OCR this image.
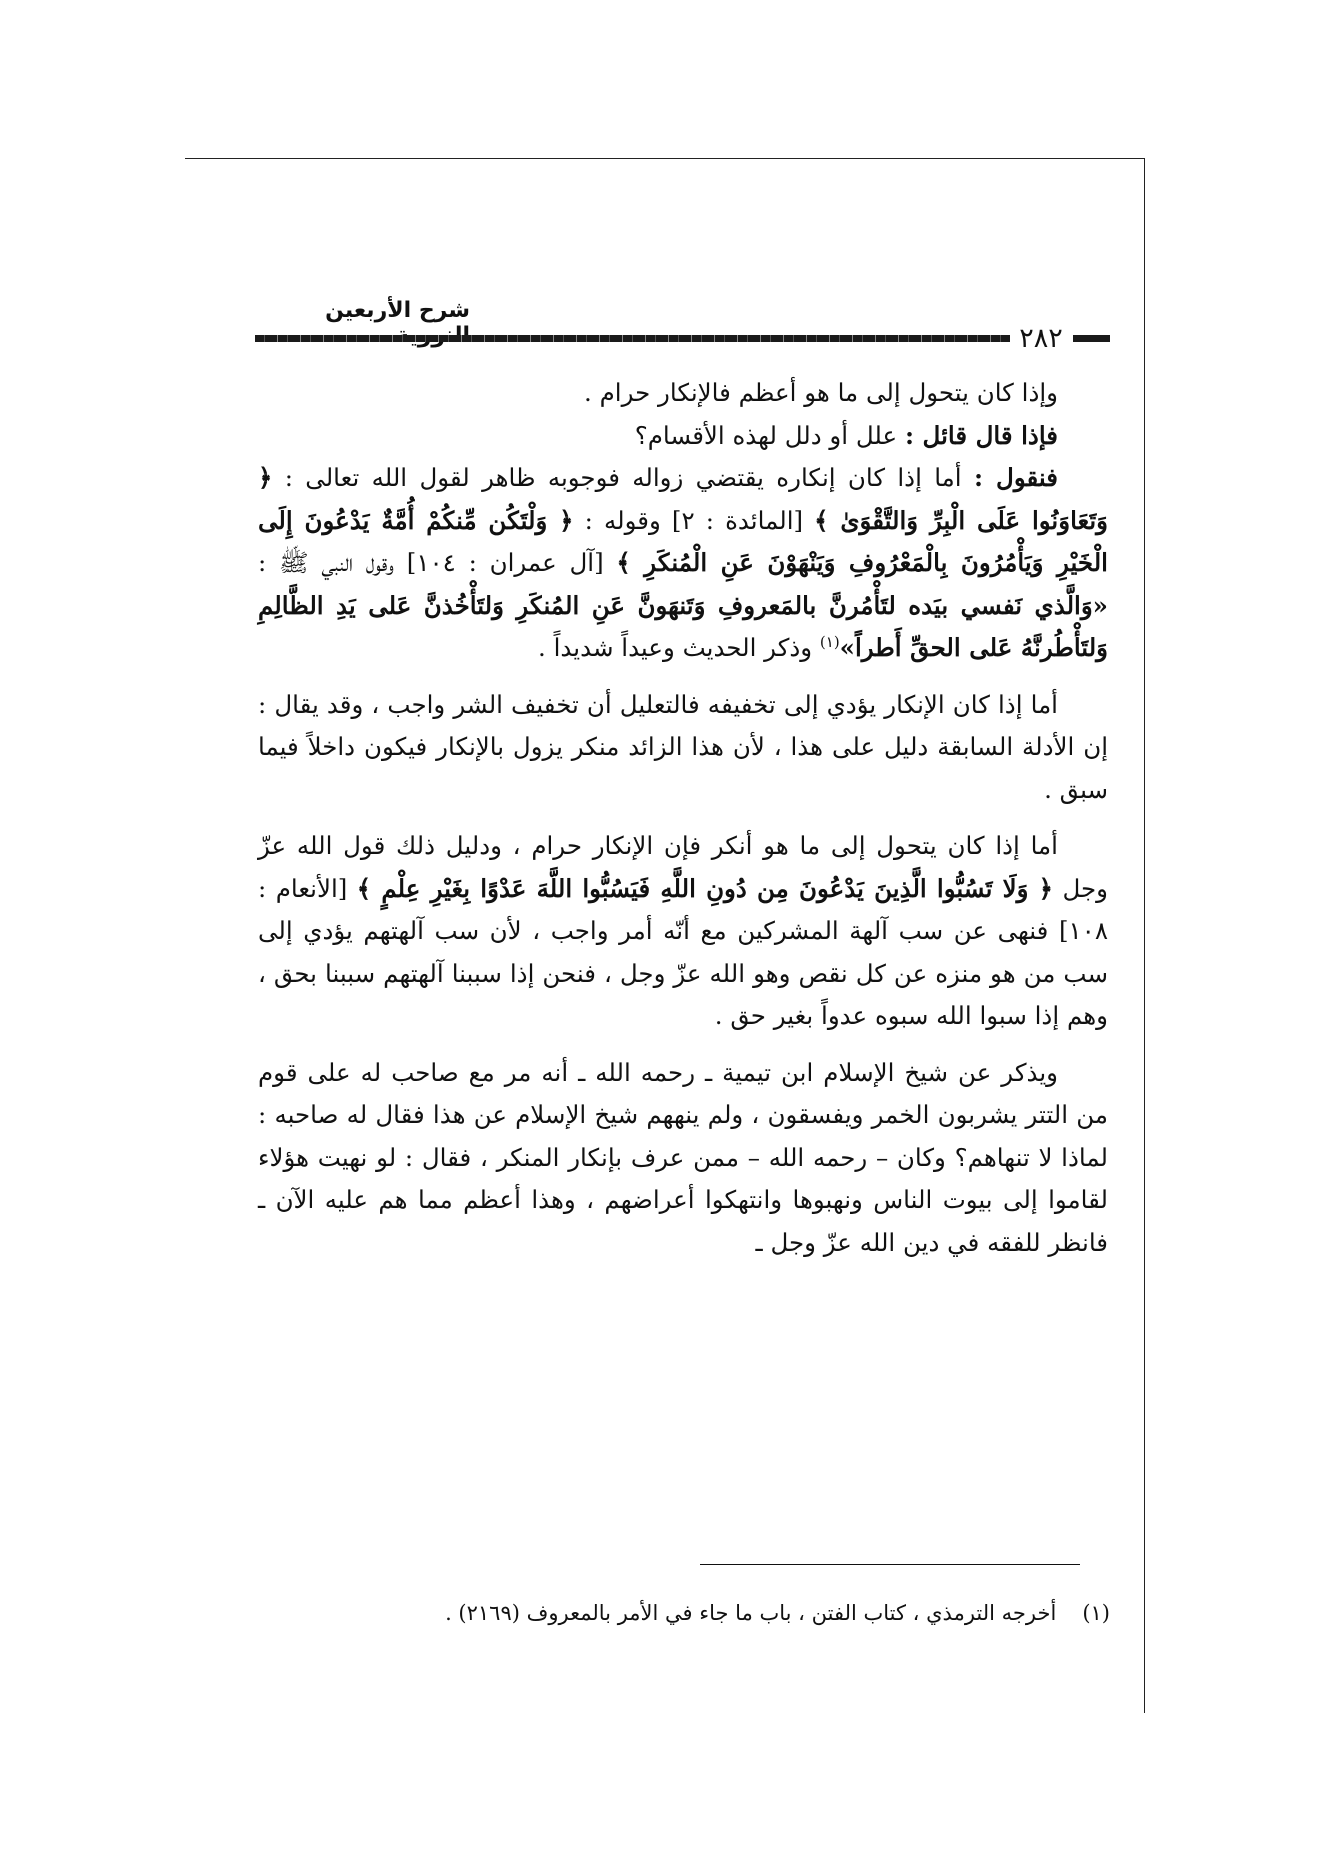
شرح الأربعين
٢٨٢

وإذا كان يتحول إلى ما هو أعظم فالإنكار حرام .

فإذا قال قائل : علل أو دلل لهذه الأقسام؟

فنقول : أما إذا كان إنكاره يقتضي زواله فوجوبه ظاهر لقول الله تعالى : ﴿ وَتَعَاوَنُوا عَلَى الْبِرِّ وَالتَّقْوَىٰ ﴾ [المائدة : ٢] وقوله : ﴿ وَلْتَكُن مِّنكُمْ أُمَّةٌ يَدْعُونَ إِلَى الْخَيْرِ وَيَأْمُرُونَ بِالْمَعْرُوفِ وَيَنْهَوْنَ عَنِ الْمُنكَرِ ﴾ [آل عمران : ١٠٤] وقول النبي ﷺ : «وَالَّذي نَفسي بيَده لتَأْمُرنَّ بالمَعروفِ وَتَنهَونَّ عَنِ المُنكَرِ وَلتَأْخُذنَّ عَلى يَدِ الظَّالِمِ وَلتَأْطُرنَّهُ عَلى الحقِّ أَطراً»$^{(١)}$ وذكر الحديث وعيداً شديداً .

أما إذا كان الإنكار يؤدي إلى تخفيفه فالتعليل أن تخفيف الشر واجب ، وقد يقال : إن الأدلة السابقة دليل على هذا ، لأن هذا الزائد منكر يزول بالإنكار فيكون داخلاً فيما سبق .

أما إذا كان يتحول إلى ما هو أنكر فإن الإنكار حرام ، ودليل ذلك قول الله عزّ وجل ﴿ وَلَا تَسُبُّوا الَّذِينَ يَدْعُونَ مِن دُونِ اللَّهِ فَيَسُبُّوا اللَّهَ عَدْوًا بِغَيْرِ عِلْمٍ ﴾ [الأنعام : ١٠٨] فنهى عن سب آلهة المشركين مع أنّه أمر واجب ، لأن سب آلهتهم يؤدي إلى سب من هو منزه عن كل نقص وهو الله عزّ وجل ، فنحن إذا سببنا آلهتهم سببنا بحق ، وهم إذا سبوا الله سبوه عدواً بغير حق .

ويذكر عن شيخ الإسلام ابن تيمية ـ رحمه الله ـ أنه مر مع صاحب له على قوم من التتر يشربون الخمر ويفسقون ، ولم ينههم شيخ الإسلام عن هذا فقال له صاحبه : لماذا لا تنهاهم؟ وكان – رحمه الله – ممن عرف بإنكار المنكر ، فقال : لو نهيت هؤلاء لقاموا إلى بيوت الناس ونهبوها وانتهكوا أعراضهم ، وهذا أعظم مما هم عليه الآن ـ فانظر للفقه في دين الله عزّ وجل ـ

(١)أخرجه الترمذي ، كتاب الفتن ، باب ما جاء في الأمر بالمعروف (٢١٦٩) .
